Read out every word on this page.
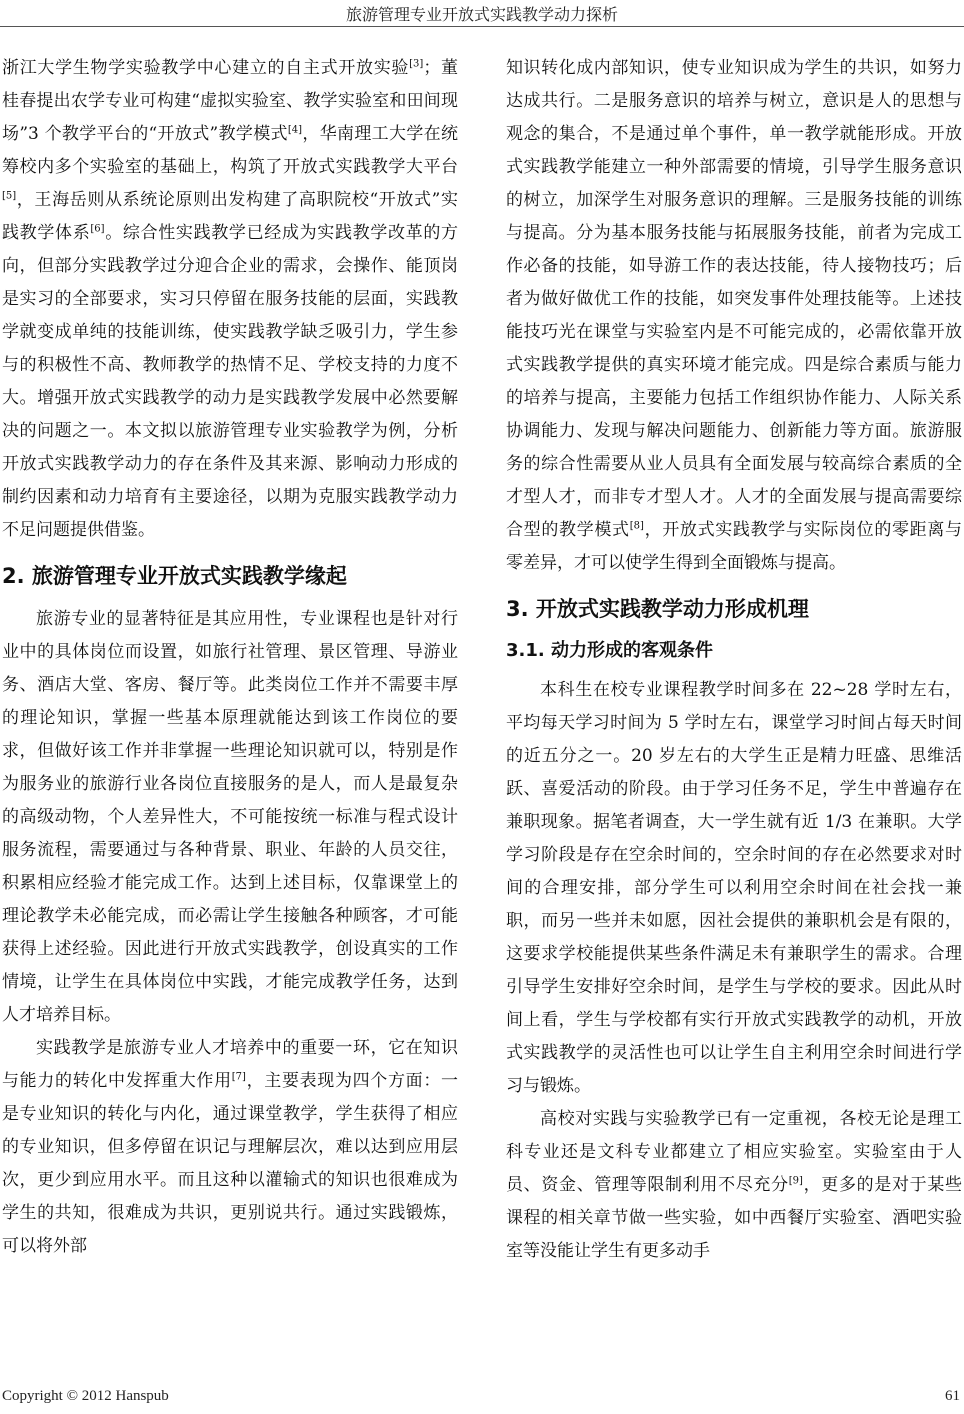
旅游管理专业开放式实践教学动力探析

浙江大学生物学实验教学中心建立的自主式开放实验[3]；董桂春提出农学专业可构建“虚拟实验室、教学实验室和田间现场”3 个教学平台的“开放式”教学模式[4]，华南理工大学在统筹校内多个实验室的基础上，构筑了开放式实践教学大平台[5]，王海岳则从系统论原则出发构建了高职院校“开放式”实践教学体系[6]。综合性实践教学已经成为实践教学改革的方向，但部分实践教学过分迎合企业的需求，会操作、能顶岗是实习的全部要求，实习只停留在服务技能的层面，实践教学就变成单纯的技能训练，使实践教学缺乏吸引力，学生参与的积极性不高、教师教学的热情不足、学校支持的力度不大。增强开放式实践教学的动力是实践教学发展中必然要解决的问题之一。本文拟以旅游管理专业实验教学为例，分析开放式实践教学动力的存在条件及其来源、影响动力形成的制约因素和动力培育有主要途径，以期为克服实践教学动力不足问题提供借鉴。

2. 旅游管理专业开放式实践教学缘起

旅游专业的显著特征是其应用性，专业课程也是针对行业中的具体岗位而设置，如旅行社管理、景区管理、导游业务、酒店大堂、客房、餐厅等。此类岗位工作并不需要丰厚的理论知识，掌握一些基本原理就能达到该工作岗位的要求，但做好该工作并非掌握一些理论知识就可以，特别是作为服务业的旅游行业各岗位直接服务的是人，而人是最复杂的高级动物，个人差异性大，不可能按统一标准与程式设计服务流程，需要通过与各种背景、职业、年龄的人员交往，积累相应经验才能完成工作。达到上述目标，仅靠课堂上的理论教学未必能完成，而必需让学生接触各种顾客，才可能获得上述经验。因此进行开放式实践教学，创设真实的工作情境，让学生在具体岗位中实践，才能完成教学任务，达到人才培养目标。

实践教学是旅游专业人才培养中的重要一环，它在知识与能力的转化中发挥重大作用[7]，主要表现为四个方面：一是专业知识的转化与内化，通过课堂教学，学生获得了相应的专业知识，但多停留在识记与理解层次，难以达到应用层次，更少到应用水平。而且这种以灌输式的知识也很难成为学生的共知，很难成为共识，更别说共行。通过实践锻炼，可以将外部

知识转化成内部知识，使专业知识成为学生的共识，如努力达成共行。二是服务意识的培养与树立，意识是人的思想与观念的集合，不是通过单个事件，单一教学就能形成。开放式实践教学能建立一种外部需要的情境，引导学生服务意识的树立，加深学生对服务意识的理解。三是服务技能的训练与提高。分为基本服务技能与拓展服务技能，前者为完成工作必备的技能，如导游工作的表达技能，待人接物技巧；后者为做好做优工作的技能，如突发事件处理技能等。上述技能技巧光在课堂与实验室内是不可能完成的，必需依靠开放式实践教学提供的真实环境才能完成。四是综合素质与能力的培养与提高，主要能力包括工作组织协作能力、人际关系协调能力、发现与解决问题能力、创新能力等方面。旅游服务的综合性需要从业人员具有全面发展与较高综合素质的全才型人才，而非专才型人才。人才的全面发展与提高需要综合型的教学模式[8]，开放式实践教学与实际岗位的零距离与零差异，才可以使学生得到全面锻炼与提高。

3. 开放式实践教学动力形成机理
3.1. 动力形成的客观条件

本科生在校专业课程教学时间多在 22~28 学时左右，平均每天学习时间为 5 学时左右，课堂学习时间占每天时间的近五分之一。20 岁左右的大学生正是精力旺盛、思维活跃、喜爱活动的阶段。由于学习任务不足，学生中普遍存在兼职现象。据笔者调查，大一学生就有近 1/3 在兼职。大学学习阶段是存在空余时间的，空余时间的存在必然要求对时间的合理安排，部分学生可以利用空余时间在社会找一兼职，而另一些并未如愿，因社会提供的兼职机会是有限的，这要求学校能提供某些条件满足未有兼职学生的需求。合理引导学生安排好空余时间，是学生与学校的要求。因此从时间上看，学生与学校都有实行开放式实践教学的动机，开放式实践教学的灵活性也可以让学生自主利用空余时间进行学习与锻炼。

高校对实践与实验教学已有一定重视，各校无论是理工科专业还是文科专业都建立了相应实验室。实验室由于人员、资金、管理等限制利用不尽充分[9]，更多的是对于某些课程的相关章节做一些实验，如中西餐厅实验室、酒吧实验室等没能让学生有更多动手

Copyright © 2012 Hanspub	61
